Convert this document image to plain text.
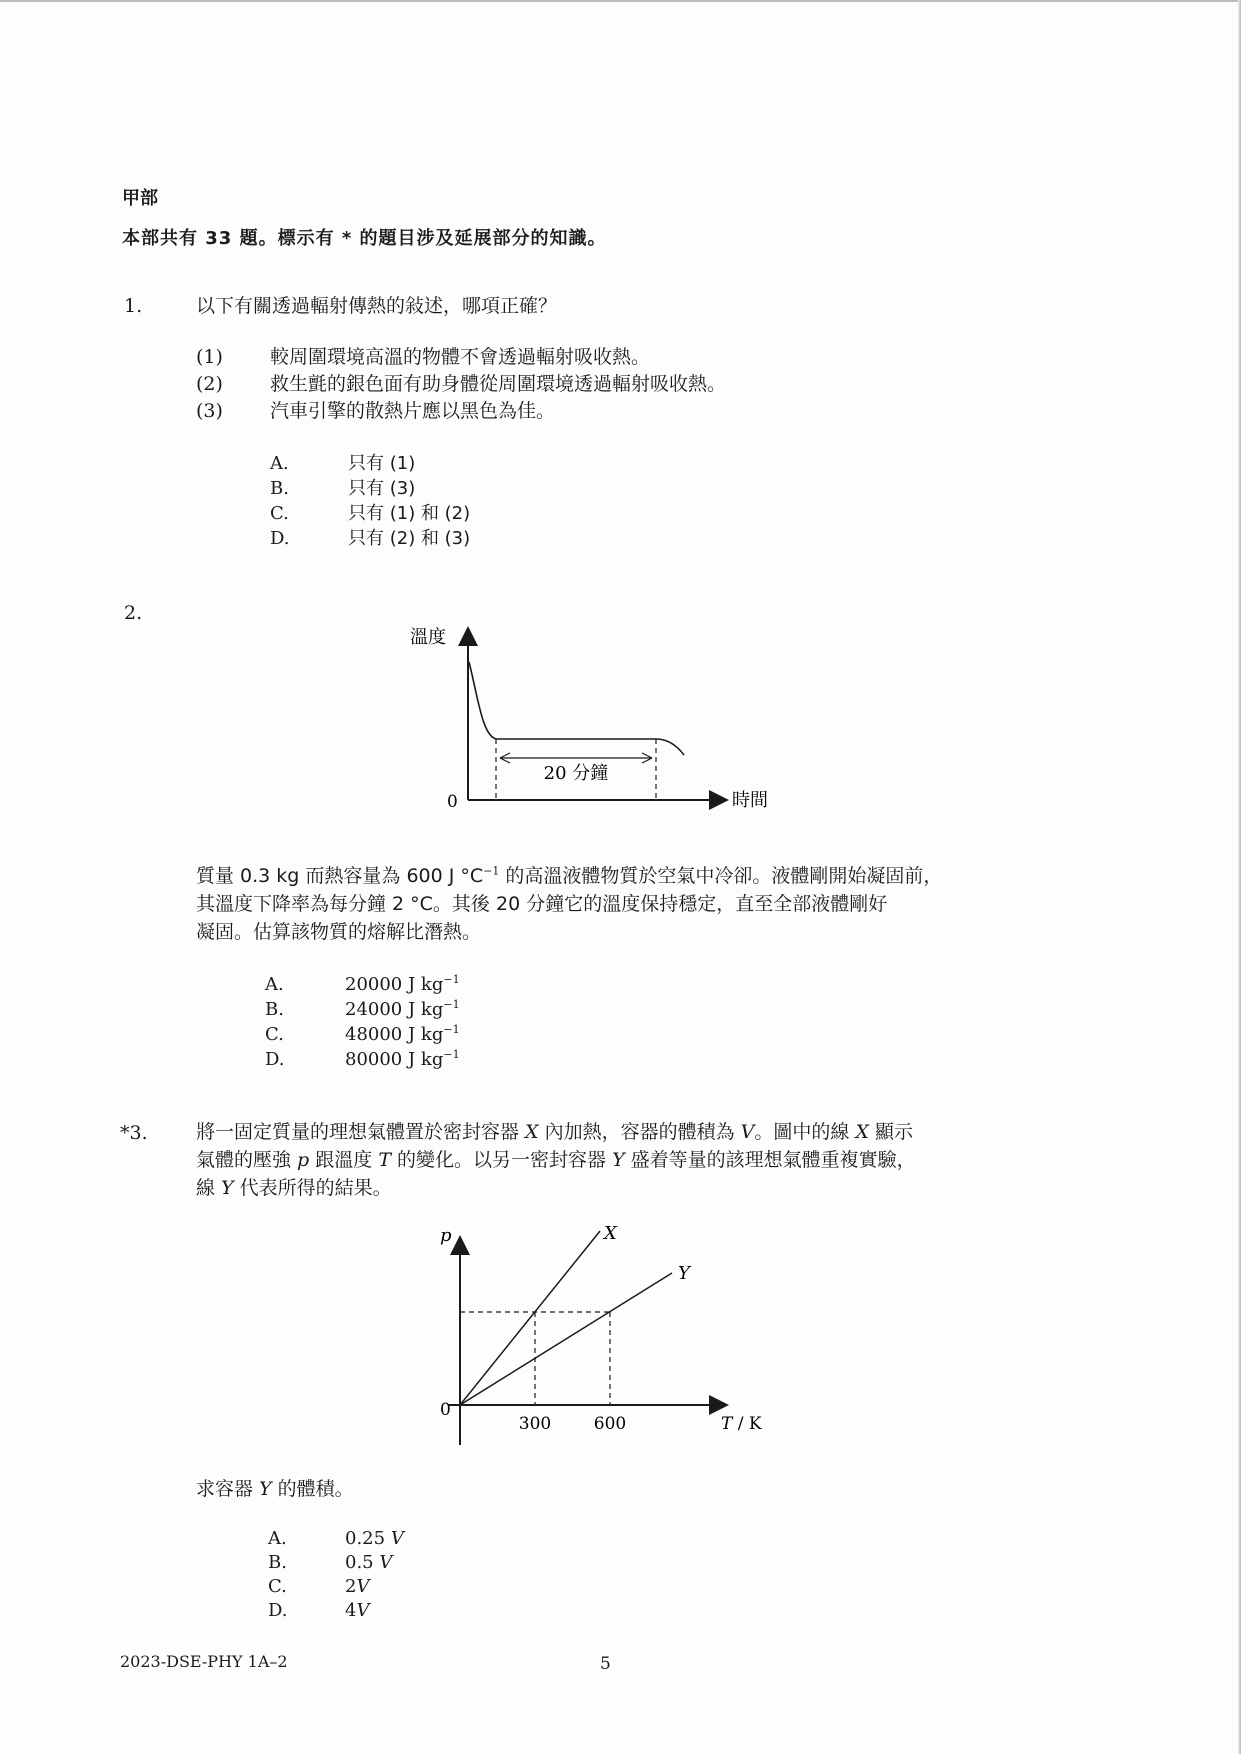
甲部
本部共有 33 題。標示有 * 的題目涉及延展部分的知識。
1.	以下有關透過輻射傳熱的敍述，哪項正確？
(1) 較周圍環境高溫的物體不會透過輻射吸收熱。
(2) 救生氈的銀色面有助身體從周圍環境透過輻射吸收熱。
(3) 汽車引擎的散熱片應以黑色為佳。
A.	只有 (1)
B.	只有 (3)
C.	只有 (1) 和 (2)
D.	只有 (2) 和 (3)
2.
20 分鐘
溫度
時間
0
質量 0.3 kg 而熱容量為 600 J $^\circ C^{-1}$ 的高溫液體物質於空氣中冷卻。液體剛開始凝固前，
其溫度下降率為每分鐘 2 °C。其後 20 分鐘它的溫度保持穩定，直至全部液體剛好
凝固。估算該物質的熔解比潛熱。
A.	20000 J $kg^{-1}$
B.	24000 J $kg^{-1}$
C.	48000 J $kg^{-1}$
D.	80000 J $kg^{-1}$
*3.	將一固定質量的理想氣體置於密封容器 X 內加熱，容器的體積為 V。圖中的線 X 顯示
氣體的壓強 p 跟溫度 T 的變化。以另一密封容器 Y 盛着等量的該理想氣體重複實驗，
線 Y 代表所得的結果。
p	X
Y
0
300	600	T / K
求容器 Y 的體積。
A.	0.25 V
B.	0.5 V
C.	2V
D.	4V
2023-DSE-PHY 1A–2	5
